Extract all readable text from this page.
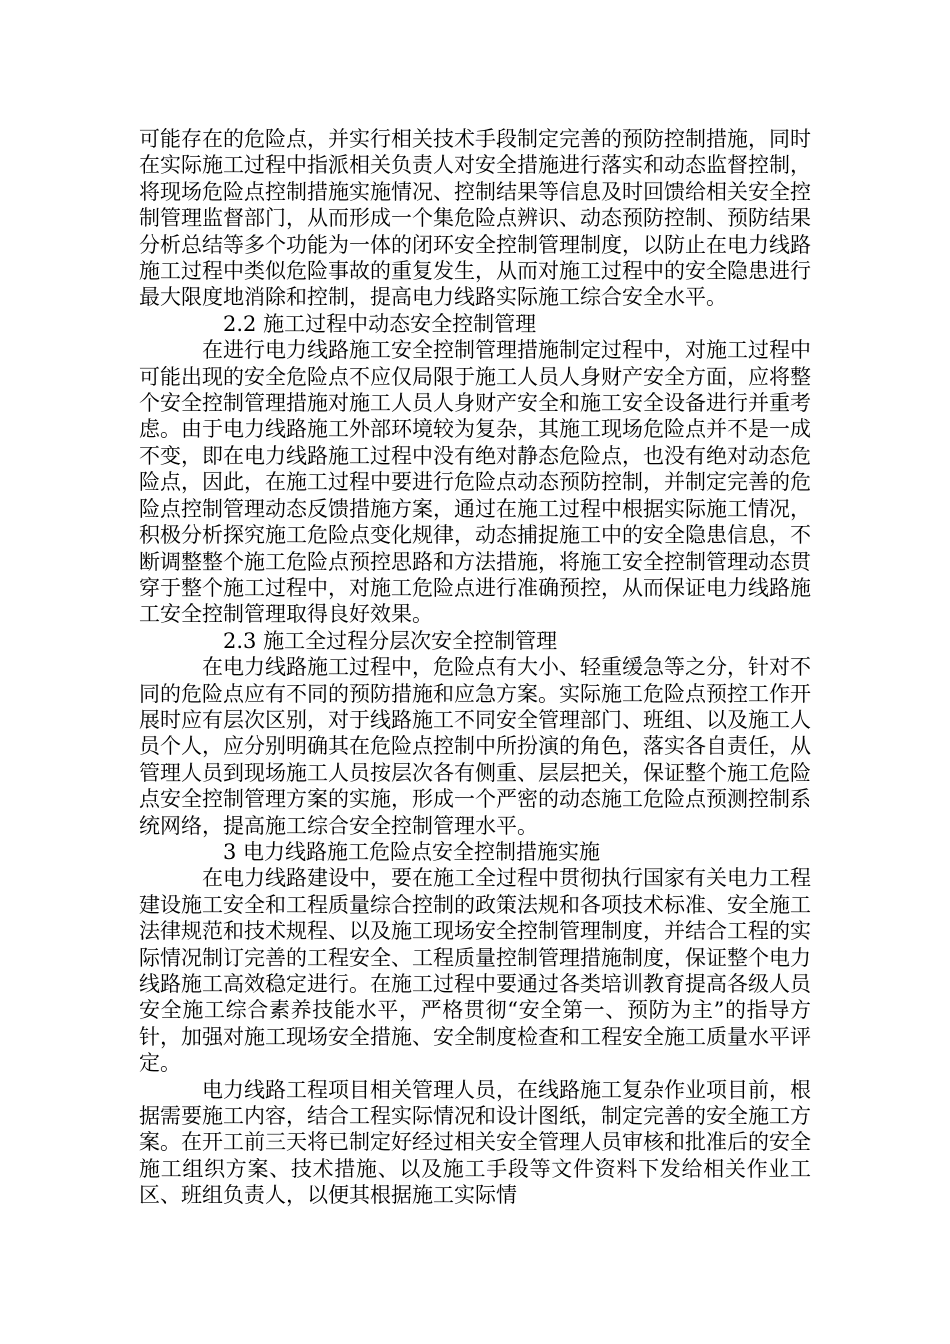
可能存在的危险点，并实行相关技术手段制定完善的预防控制措施，同时在实际施工过程中指派相关负责人对安全措施进行落实和动态监督控制，将现场危险点控制措施实施情况、控制结果等信息及时回馈给相关安全控制管理监督部门，从而形成一个集危险点辨识、动态预防控制、预防结果分析总结等多个功能为一体的闭环安全控制管理制度，以防止在电力线路施工过程中类似危险事故的重复发生，从而对施工过程中的安全隐患进行最大限度地消除和控制，提高电力线路实际施工综合安全水平。

2.2 施工过程中动态安全控制管理

在进行电力线路施工安全控制管理措施制定过程中，对施工过程中可能出现的安全危险点不应仅局限于施工人员人身财产安全方面，应将整个安全控制管理措施对施工人员人身财产安全和施工安全设备进行并重考虑。由于电力线路施工外部环境较为复杂，其施工现场危险点并不是一成不变，即在电力线路施工过程中没有绝对静态危险点，也没有绝对动态危险点，因此，在施工过程中要进行危险点动态预防控制，并制定完善的危险点控制管理动态反馈措施方案，通过在施工过程中根据实际施工情况，积极分析探究施工危险点变化规律，动态捕捉施工中的安全隐患信息，不断调整整个施工危险点预控思路和方法措施，将施工安全控制管理动态贯穿于整个施工过程中，对施工危险点进行准确预控，从而保证电力线路施工安全控制管理取得良好效果。

2.3 施工全过程分层次安全控制管理

在电力线路施工过程中，危险点有大小、轻重缓急等之分，针对不同的危险点应有不同的预防措施和应急方案。实际施工危险点预控工作开展时应有层次区别，对于线路施工不同安全管理部门、班组、以及施工人员个人，应分别明确其在危险点控制中所扮演的角色，落实各自责任，从管理人员到现场施工人员按层次各有侧重、层层把关，保证整个施工危险点安全控制管理方案的实施，形成一个严密的动态施工危险点预测控制系统网络，提高施工综合安全控制管理水平。

3 电力线路施工危险点安全控制措施实施

在电力线路建设中，要在施工全过程中贯彻执行国家有关电力工程建设施工安全和工程质量综合控制的政策法规和各项技术标准、安全施工法律规范和技术规程、以及施工现场安全控制管理制度，并结合工程的实际情况制订完善的工程安全、工程质量控制管理措施制度，保证整个电力线路施工高效稳定进行。在施工过程中要通过各类培训教育提高各级人员安全施工综合素养技能水平，严格贯彻“安全第一、预防为主”的指导方针，加强对施工现场安全措施、安全制度检查和工程安全施工质量水平评定。

电力线路工程项目相关管理人员，在线路施工复杂作业项目前，根据需要施工内容，结合工程实际情况和设计图纸，制定完善的安全施工方案。在开工前三天将已制定好经过相关安全管理人员审核和批准后的安全施工组织方案、技术措施、以及施工手段等文件资料下发给相关作业工区、班组负责人，以便其根据施工实际情
